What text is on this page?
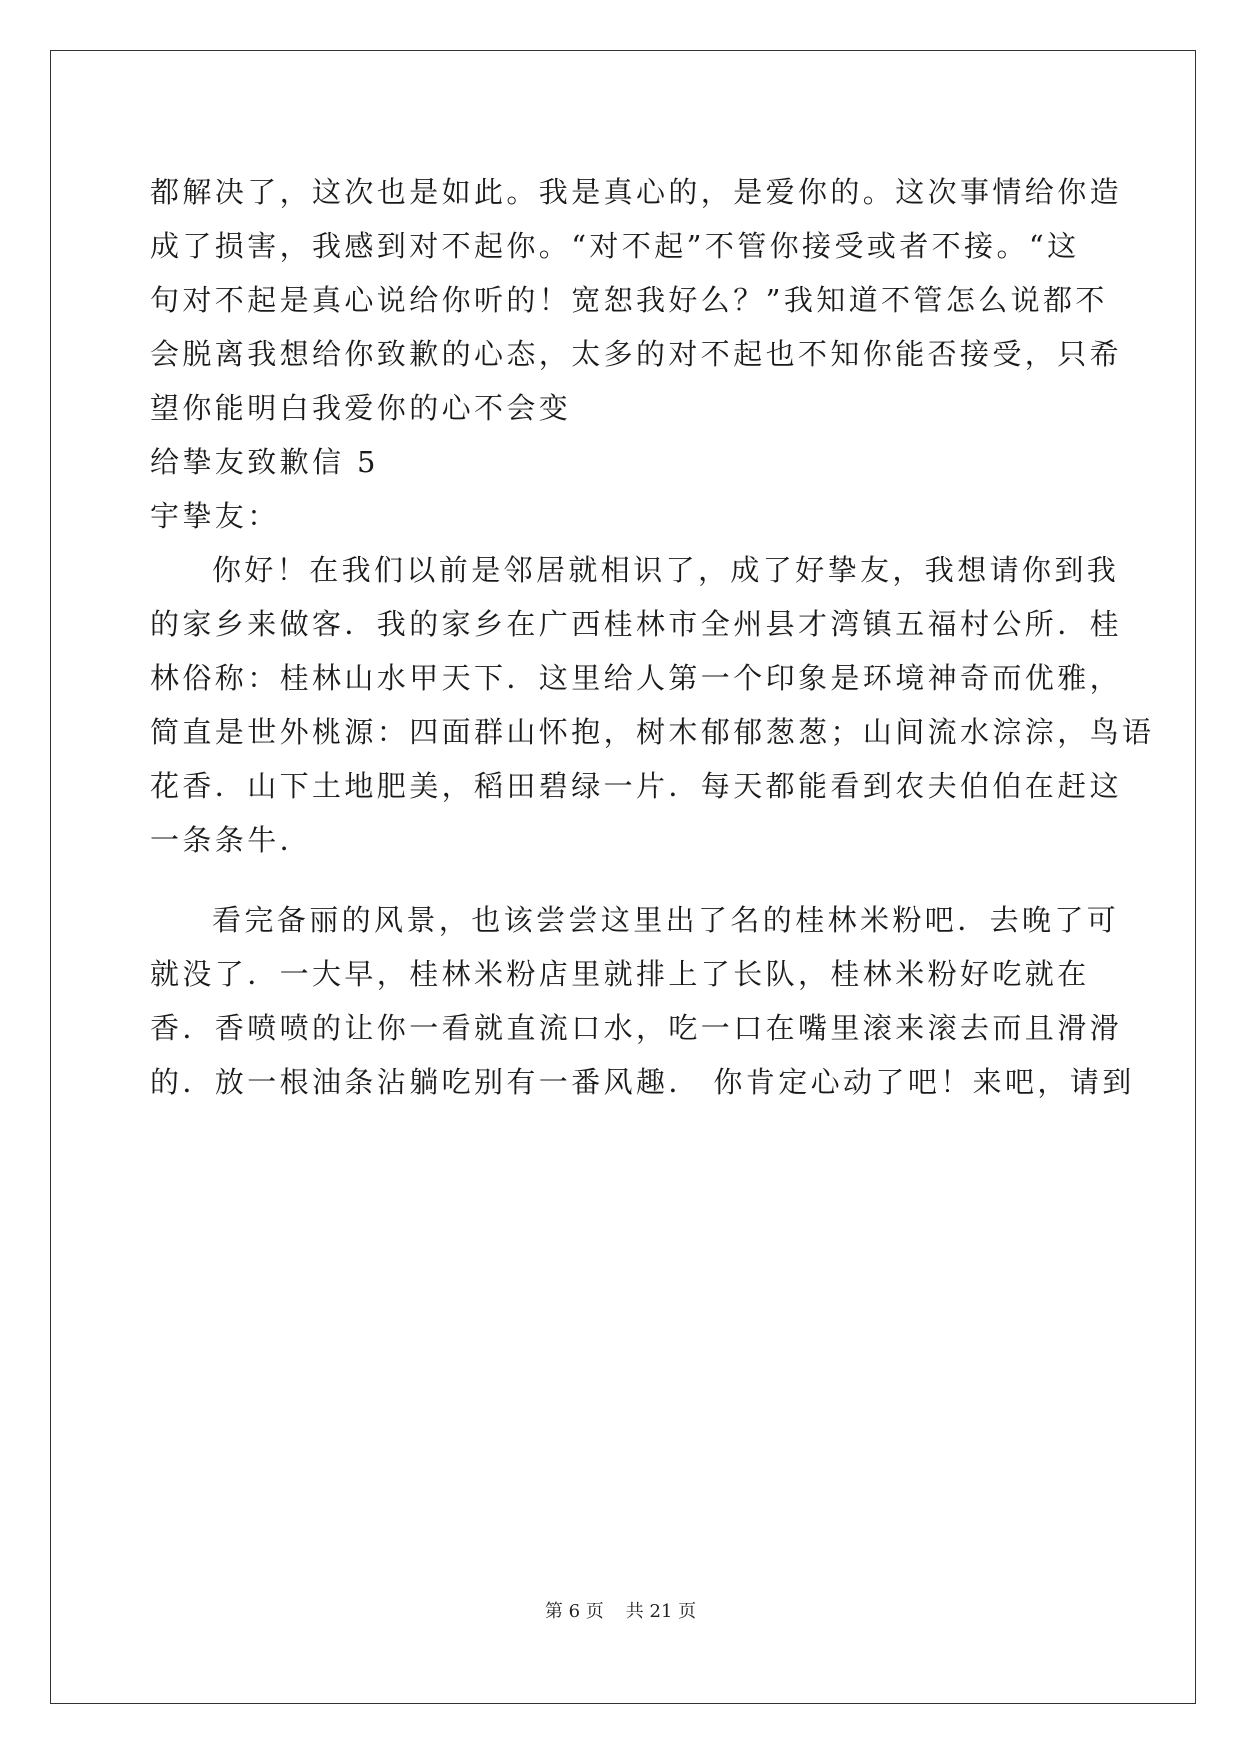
都解决了，这次也是如此。我是真心的，是爱你的。这次事情给你造
成了损害，我感到对不起你。“对不起”不管你接受或者不接。“这
句对不起是真心说给你听的！宽恕我好么？”我知道不管怎么说都不
会脱离我想给你致歉的心态，太多的对不起也不知你能否接受，只希
望你能明白我爱你的心不会变
给挚友致歉信 5
宇挚友：
你好！在我们以前是邻居就相识了，成了好挚友，我想请你到我
的家乡来做客．我的家乡在广西桂林市全州县才湾镇五福村公所．桂
林俗称：桂林山水甲天下．这里给人第一个印象是环境神奇而优雅，
简直是世外桃源：四面群山怀抱，树木郁郁葱葱；山间流水淙淙，鸟语
花香．山下土地肥美，稻田碧绿一片．每天都能看到农夫伯伯在赶这
一条条牛．
看完备丽的风景，也该尝尝这里出了名的桂林米粉吧．去晚了可
就没了．一大早，桂林米粉店里就排上了长队，桂林米粉好吃就在
香．香喷喷的让你一看就直流口水，吃一口在嘴里滚来滚去而且滑滑
的．放一根油条沾躺吃别有一番风趣． 你肯定心动了吧！来吧，请到
第 6 页 共 21 页
